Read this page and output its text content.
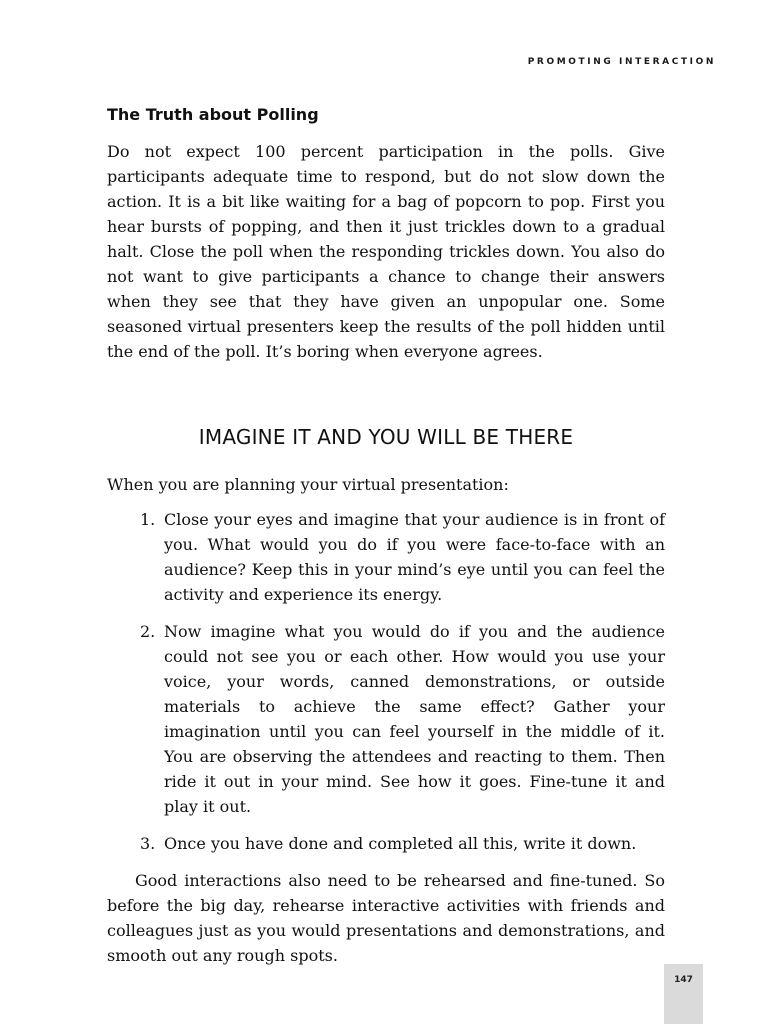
PROMOTING INTERACTION
The Truth about Polling

Do not expect 100 percent participation in the polls. Give participants adequate time to respond, but do not slow down the action. It is a bit like waiting for a bag of popcorn to pop. First you hear bursts of popping, and then it just trickles down to a gradual halt. Close the poll when the responding trickles down. You also do not want to give participants a chance to change their answers when they see that they have given an unpopular one. Some seasoned virtual presenters keep the results of the poll hidden until the end of the poll. It’s boring when everyone agrees.

IMAGINE IT AND YOU WILL BE THERE

When you are planning your virtual presentation:

1. Close your eyes and imagine that your audience is in front of you. What would you do if you were face-to-face with an audience? Keep this in your mind’s eye until you can feel the activity and experience its energy.
2. Now imagine what you would do if you and the audience could not see you or each other. How would you use your voice, your words, canned demonstrations, or outside materials to achieve the same effect? Gather your imagination until you can feel yourself in the middle of it. You are observing the attendees and reacting to them. Then ride it out in your mind. See how it goes. Fine-tune it and play it out.
3. Once you have done and completed all this, write it down.

Good interactions also need to be rehearsed and fine-tuned. So before the big day, rehearse interactive activities with friends and colleagues just as you would presentations and demonstrations, and smooth out any rough spots.

147
